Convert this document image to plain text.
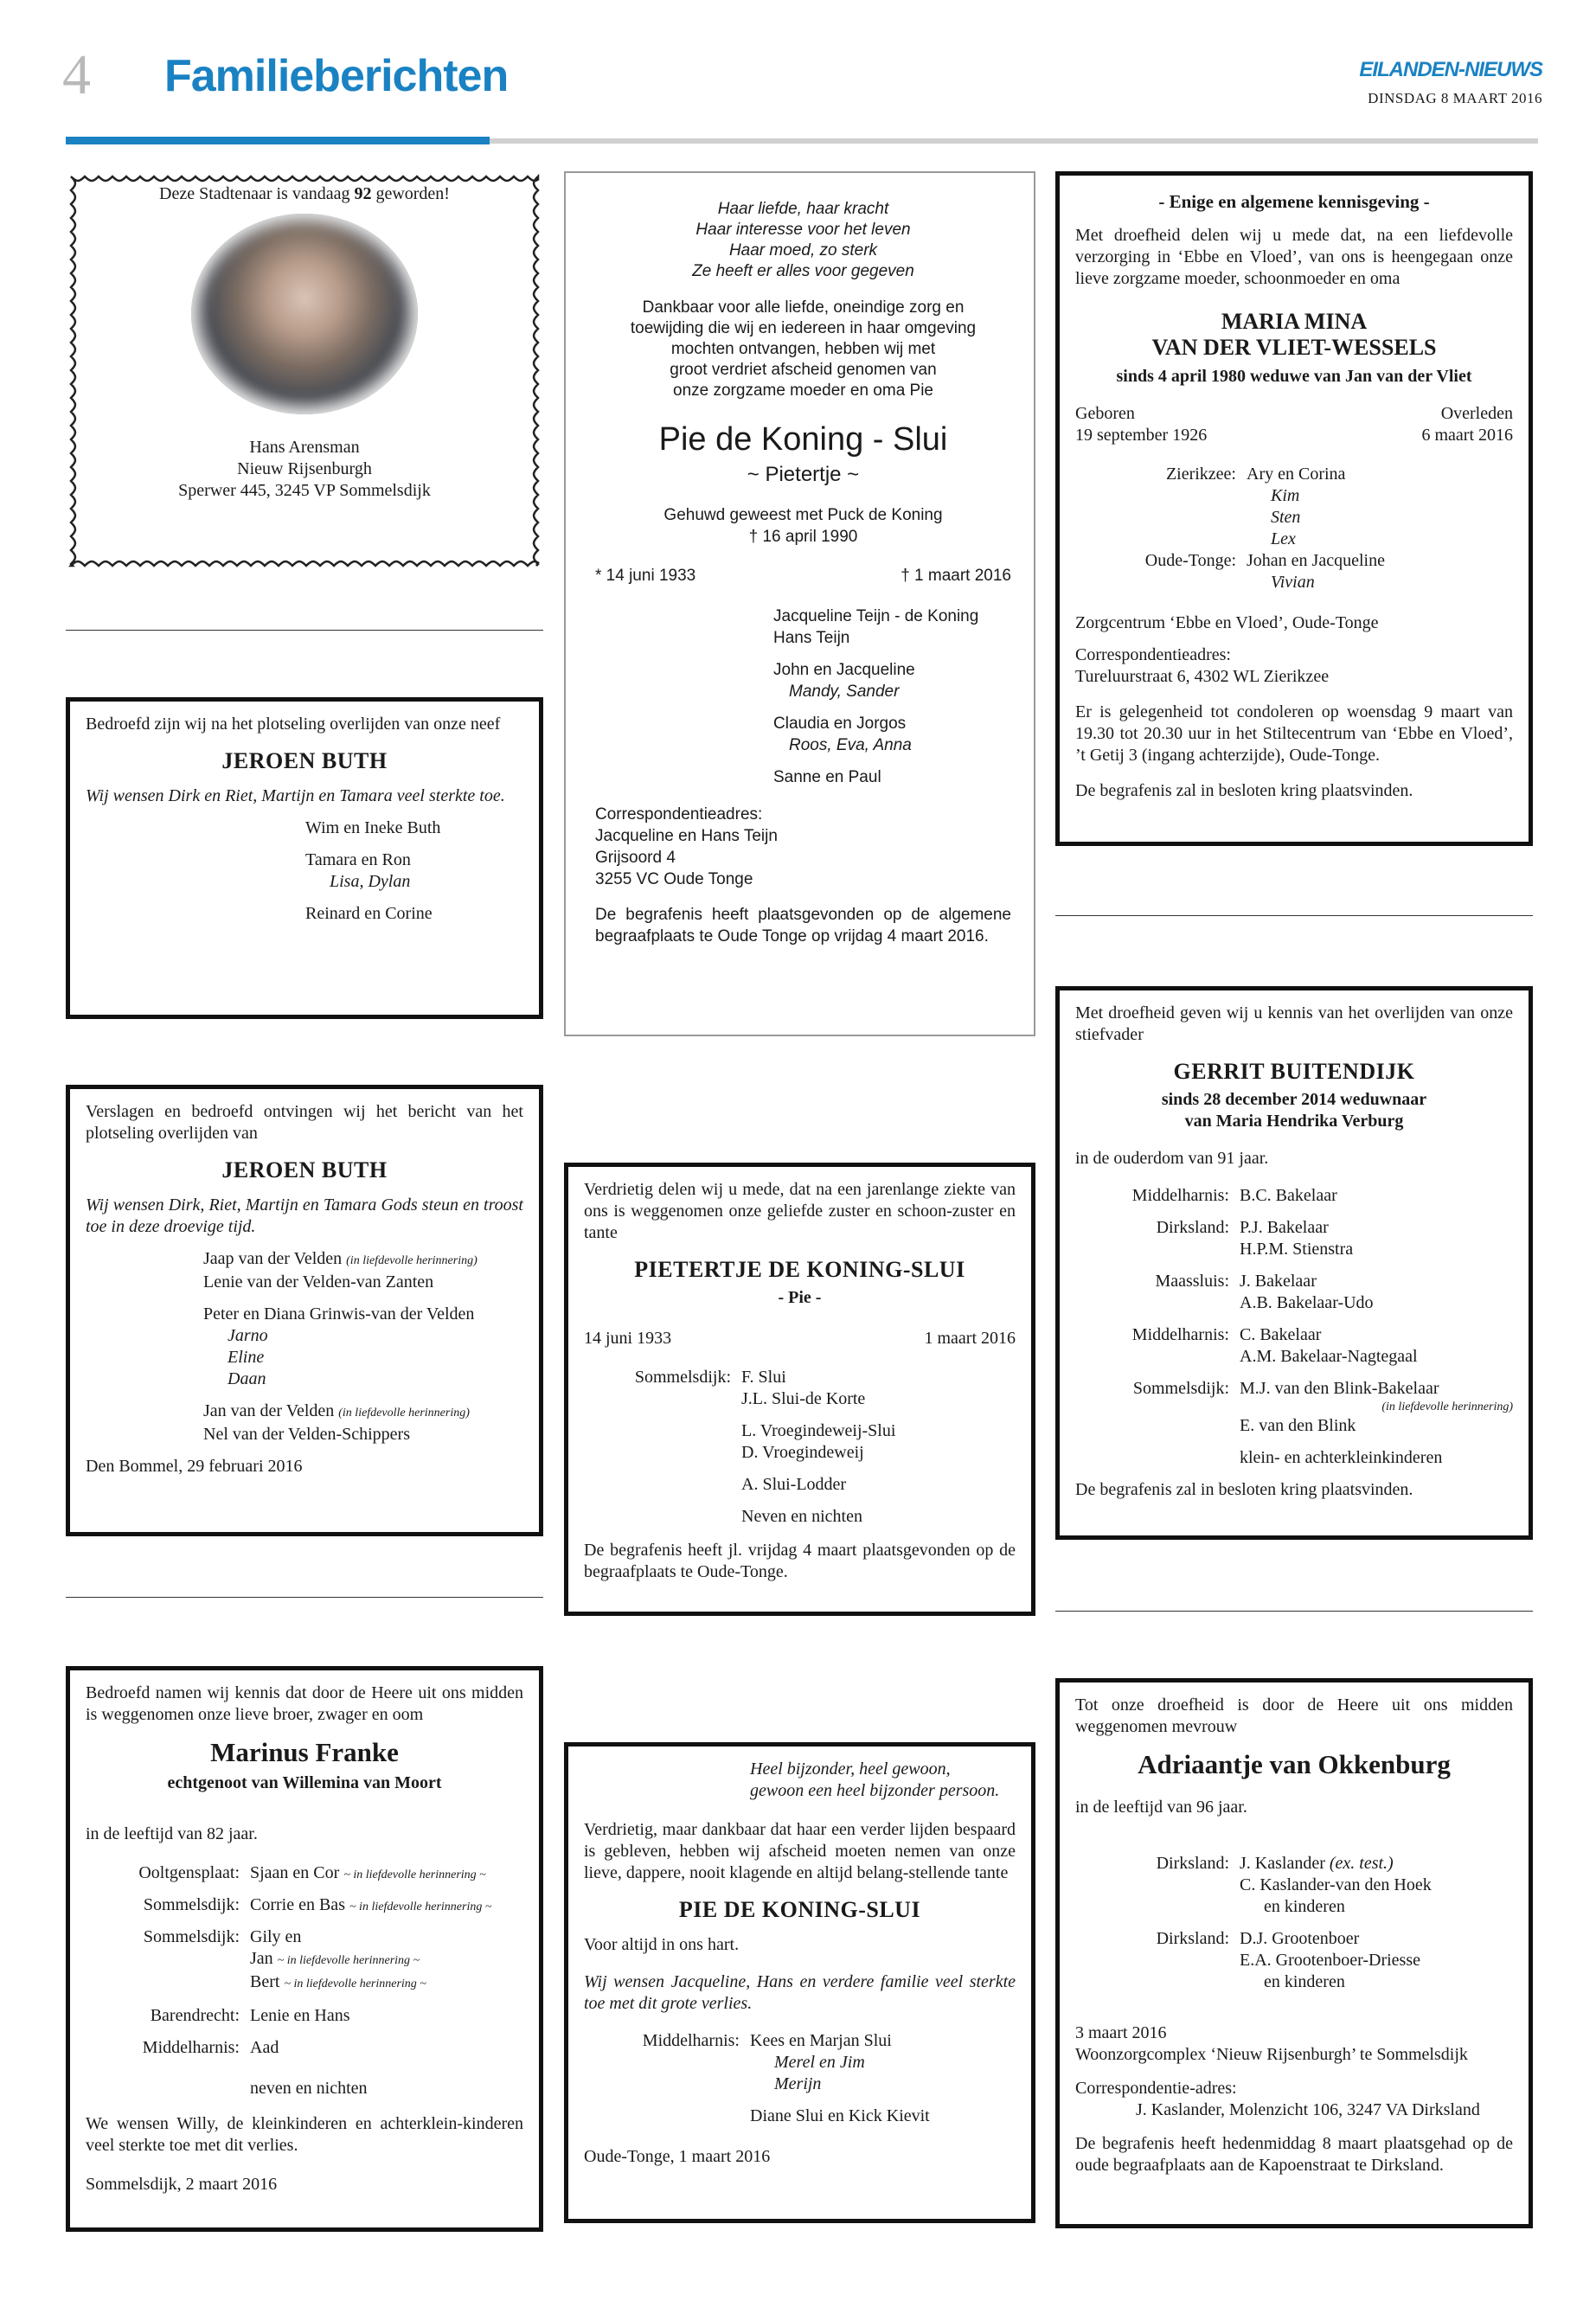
4 Familieberichten	EILANDEN-NIEUWS
DINSDAG 8 MAART 2016
Deze Stadtenaar is vandaag 92 geworden!
Hans Arensman
Nieuw Rijsenburgh
Sperwer 445, 3245 VP Sommelsdijk
Bedroefd zijn wij na het plotseling overlijden van onze neef
JEROEN BUTH
Wij wensen Dirk en Riet, Martijn en Tamara veel sterkte toe.
Wim en Ineke Buth
Tamara en Ron
Lisa, Dylan
Reinard en Corine
Verslagen en bedroefd ontvingen wij het bericht van het plotseling overlijden van
JEROEN BUTH
Wij wensen Dirk, Riet, Martijn en Tamara Gods steun en troost toe in deze droevige tijd.
Jaap van der Velden (in liefdevolle herinnering)
Lenie van der Velden-van Zanten
Peter en Diana Grinwis-van der Velden
Jarno
Eline
Daan
Jan van der Velden (in liefdevolle herinnering)
Nel van der Velden-Schippers
Den Bommel, 29 februari 2016
Bedroefd namen wij kennis dat door de Heere uit ons midden is weggenomen onze lieve broer, zwager en oom
Marinus Franke
echtgenoot van Willemina van Moort
in de leeftijd van 82 jaar.
Ooltgensplaat: Sjaan en Cor ~ in liefdevolle herinnering ~
Sommelsdijk: Corrie en Bas ~ in liefdevolle herinnering ~
Sommelsdijk: Gily en
Jan ~ in liefdevolle herinnering ~
Bert ~ in liefdevolle herinnering ~
Barendrecht: Lenie en Hans
Middelharnis: Aad
neven en nichten
We wensen Willy, de kleinkinderen en achterklein-kinderen veel sterkte toe met dit verlies.
Sommelsdijk, 2 maart 2016
Haar liefde, haar kracht
Haar interesse voor het leven
Haar moed, zo sterk
Ze heeft er alles voor gegeven
Dankbaar voor alle liefde, oneindige zorg en
toewijding die wij en iedereen in haar omgeving
mochten ontvangen, hebben wij met
groot verdriet afscheid genomen van
onze zorgzame moeder en oma Pie
Pie de Koning - Slui
~ Pietertje ~
Gehuwd geweest met Puck de Koning
† 16 april 1990
* 14 juni 1933	† 1 maart 2016
Jacqueline Teijn - de Koning
Hans Teijn
John en Jacqueline
Mandy, Sander
Claudia en Jorgos
Roos, Eva, Anna
Sanne en Paul
Correspondentieadres:
Jacqueline en Hans Teijn
Grijsoord 4
3255 VC Oude Tonge
De begrafenis heeft plaatsgevonden op de algemene begraafplaats te Oude Tonge op vrijdag 4 maart 2016.
Verdrietig delen wij u mede, dat na een jarenlange ziekte van ons is weggenomen onze geliefde zuster en schoon-zuster en tante
PIETERTJE DE KONING-SLUI
- Pie -
14 juni 1933	1 maart 2016
Sommelsdijk: F. Slui
J.L. Slui-de Korte
L. Vroegindeweij-Slui
D. Vroegindeweij
A. Slui-Lodder
Neven en nichten
De begrafenis heeft jl. vrijdag 4 maart plaatsgevonden op de begraafplaats te Oude-Tonge.
Heel bijzonder, heel gewoon,
gewoon een heel bijzonder persoon.
Verdrietig, maar dankbaar dat haar een verder lijden bespaard is gebleven, hebben wij afscheid moeten nemen van onze lieve, dappere, nooit klagende en altijd belang-stellende tante
PIE DE KONING-SLUI
Voor altijd in ons hart.
Wij wensen Jacqueline, Hans en verdere familie veel sterkte toe met dit grote verlies.
Middelharnis: Kees en Marjan Slui
Merel en Jim
Merijn
Diane Slui en Kick Kievit
Oude-Tonge, 1 maart 2016
- Enige en algemene kennisgeving -
Met droefheid delen wij u mede dat, na een liefdevolle verzorging in ‘Ebbe en Vloed’, van ons is heengegaan onze lieve zorgzame moeder, schoonmoeder en oma
MARIA MINA
VAN DER VLIET-WESSELS
sinds 4 april 1980 weduwe van Jan van der Vliet
Geboren	Overleden
19 september 1926	6 maart 2016
Zierikzee: Ary en Corina
Kim
Sten
Lex
Oude-Tonge: Johan en Jacqueline
Vivian
Zorgcentrum ‘Ebbe en Vloed’, Oude-Tonge
Correspondentieadres:
Tureluurstraat 6, 4302 WL Zierikzee
Er is gelegenheid tot condoleren op woensdag 9 maart van 19.30 tot 20.30 uur in het Stiltecentrum van ‘Ebbe en Vloed’, ’t Getij 3 (ingang achterzijde), Oude-Tonge.
De begrafenis zal in besloten kring plaatsvinden.
Met droefheid geven wij u kennis van het overlijden van onze stiefvader
GERRIT BUITENDIJK
sinds 28 december 2014 weduwnaar
van Maria Hendrika Verburg
in de ouderdom van 91 jaar.
Middelharnis: B.C. Bakelaar
Dirksland: P.J. Bakelaar
H.P.M. Stienstra
Maassluis: J. Bakelaar
A.B. Bakelaar-Udo
Middelharnis: C. Bakelaar
A.M. Bakelaar-Nagtegaal
Sommelsdijk: M.J. van den Blink-Bakelaar
(in liefdevolle herinnering)
E. van den Blink
klein- en achterkleinkinderen
De begrafenis zal in besloten kring plaatsvinden.
Tot onze droefheid is door de Heere uit ons midden weggenomen mevrouw
Adriaantje van Okkenburg
in de leeftijd van 96 jaar.
Dirksland: J. Kaslander (ex. test.)
C. Kaslander-van den Hoek
en kinderen
Dirksland: D.J. Grootenboer
E.A. Grootenboer-Driesse
en kinderen
3 maart 2016
Woonzorgcomplex ‘Nieuw Rijsenburgh’ te Sommelsdijk
Correspondentie-adres:
J. Kaslander, Molenzicht 106, 3247 VA Dirksland
De begrafenis heeft hedenmiddag 8 maart plaatsgehad op de oude begraafplaats aan de Kapoenstraat te Dirksland.
